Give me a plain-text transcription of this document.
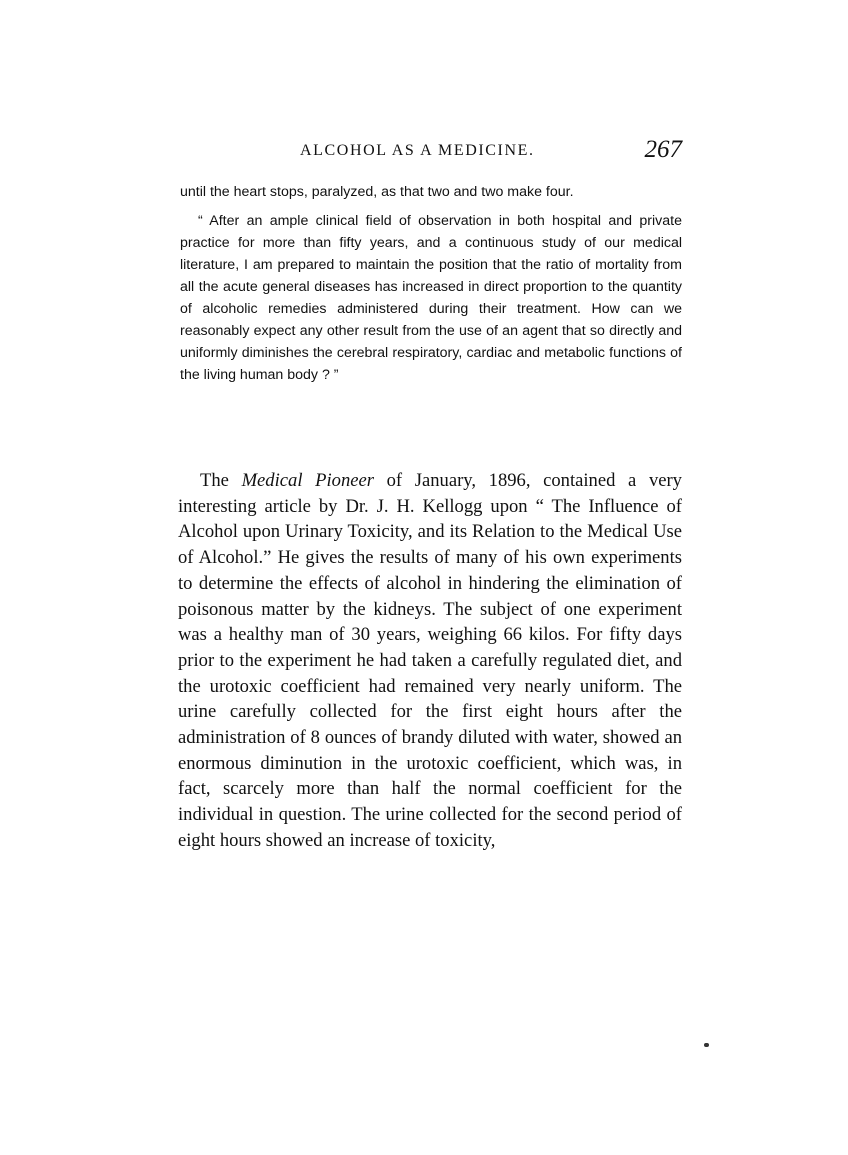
ALCOHOL AS A MEDICINE.	267

until the heart stops, paralyzed, as that two and two make four.

“ After an ample clinical field of observation in both hospital and private practice for more than fifty years, and a continuous study of our medical literature, I am prepared to maintain the position that the ratio of mortality from all the acute general diseases has increased in direct proportion to the quantity of alcoholic remedies administered during their treatment. How can we reasonably expect any other result from the use of an agent that so directly and uniformly diminishes the cerebral respiratory, cardiac and metabolic functions of the living human body ? ”

The Medical Pioneer of January, 1896, contained a very interesting article by Dr. J. H. Kellogg upon “ The Influence of Alcohol upon Urinary Toxicity, and its Relation to the Medical Use of Alcohol.” He gives the results of many of his own experiments to determine the effects of alcohol in hindering the elimination of poisonous matter by the kidneys. The subject of one experiment was a healthy man of 30 years, weighing 66 kilos. For fifty days prior to the experiment he had taken a carefully regulated diet, and the urotoxic coefficient had remained very nearly uniform. The urine carefully collected for the first eight hours after the administration of 8 ounces of brandy diluted with water, showed an enormous diminution in the urotoxic coefficient, which was, in fact, scarcely more than half the normal coefficient for the individual in question. The urine collected for the second period of eight hours showed an increase of toxicity,
